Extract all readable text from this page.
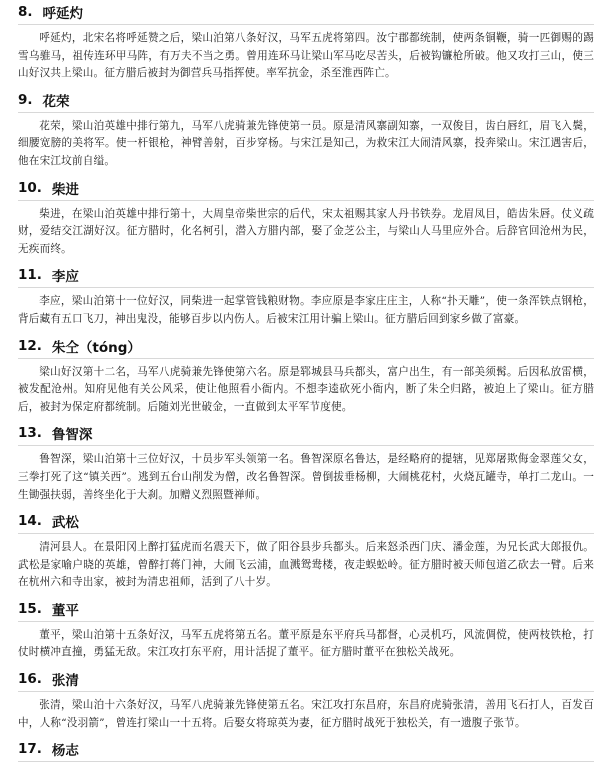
8. 呼延灼

呼延灼，北宋名将呼延赞之后，梁山泊第八条好汉，马军五虎将第四。汝宁郡都统制，使两条铜鞭，骑一匹御赐的踢雪乌骓马，祖传连环甲马阵，有万夫不当之勇。曾用连环马让梁山军马吃尽苦头，后被钩镰枪所破。他又攻打三山，使三山好汉共上梁山。征方腊后被封为御营兵马指挥使。率军抗金，杀至淮西阵亡。

9. 花荣

花荣，梁山泊英雄中排行第九，马军八虎骑兼先锋使第一员。原是清风寨副知寨，一双俊目，齿白唇红，眉飞入鬓，细腰宽膀的美将军。使一杆银枪，神臂善射，百步穿杨。与宋江是知己，为救宋江大闹清风寨，投奔梁山。宋江遇害后，他在宋江坟前自缢。

10. 柴进

柴进，在梁山泊英雄中排行第十，大周皇帝柴世宗的后代，宋太祖赐其家人丹书铁券。龙眉凤目，皓齿朱唇。仗义疏财，爱结交江湖好汉。征方腊时，化名柯引，潜入方腊内部，娶了金芝公主，与梁山人马里应外合。后辞官回沧州为民，无疾而终。

11. 李应

李应，梁山泊第十一位好汉，同柴进一起掌管钱粮财物。李应原是李家庄庄主，人称“扑天雕”，使一条浑铁点钢枪，背后藏有五口飞刀，神出鬼没，能够百步以内伤人。后被宋江用计骗上梁山。征方腊后回到家乡做了富豪。

12. 朱仝（tóng）

梁山好汉第十二名，马军八虎骑兼先锋使第六名。原是郓城县马兵都头，富户出生，有一部美须髯。后因私放雷横，被发配沧州。知府见他有关公风采，使让他照看小衙内。不想李逵砍死小衙内，断了朱仝归路，被迫上了梁山。征方腊后，被封为保定府都统制。后随刘光世破金，一直做到太平军节度使。

13. 鲁智深

鲁智深，梁山泊第十三位好汉，十员步军头领第一名。鲁智深原名鲁达，是经略府的提辖，见郑屠欺侮金翠莲父女，三拳打死了这“镇关西”。逃到五台山削发为僧，改名鲁智深。曾倒拔垂杨柳，大闹桃花村，火烧瓦罐寺，单打二龙山。一生锄强扶弱，善终坐化于大刹。加赠义烈照暨禅师。

14. 武松

清河县人。在景阳冈上醉打猛虎而名震天下，做了阳谷县步兵都头。后来怒杀西门庆、潘金莲，为兄长武大郎报仇。武松是家喻户晓的英雄，曾醉打蒋门神，大闹飞云浦，血溅鸳鸯楼，夜走蜈蚣岭。征方腊时被天师包道乙砍去一臂。后来在杭州六和寺出家，被封为清忠祖师，活到了八十岁。

15. 董平

董平，梁山泊第十五条好汉，马军五虎将第五名。董平原是东平府兵马都督，心灵机巧，风流倜傥，使两枝铁枪，打仗时横冲直撞，勇猛无敌。宋江攻打东平府，用计活捉了董平。征方腊时董平在独松关战死。

16. 张清

张清，梁山泊十六条好汉，马军八虎骑兼先锋使第五名。宋江攻打东昌府，东昌府虎骑张清，善用飞石打人，百发百中，人称“没羽箭”，曾连打梁山一十五将。后娶女将琼英为妻，征方腊时战死于独松关，有一遗腹子张节。

17. 杨志
